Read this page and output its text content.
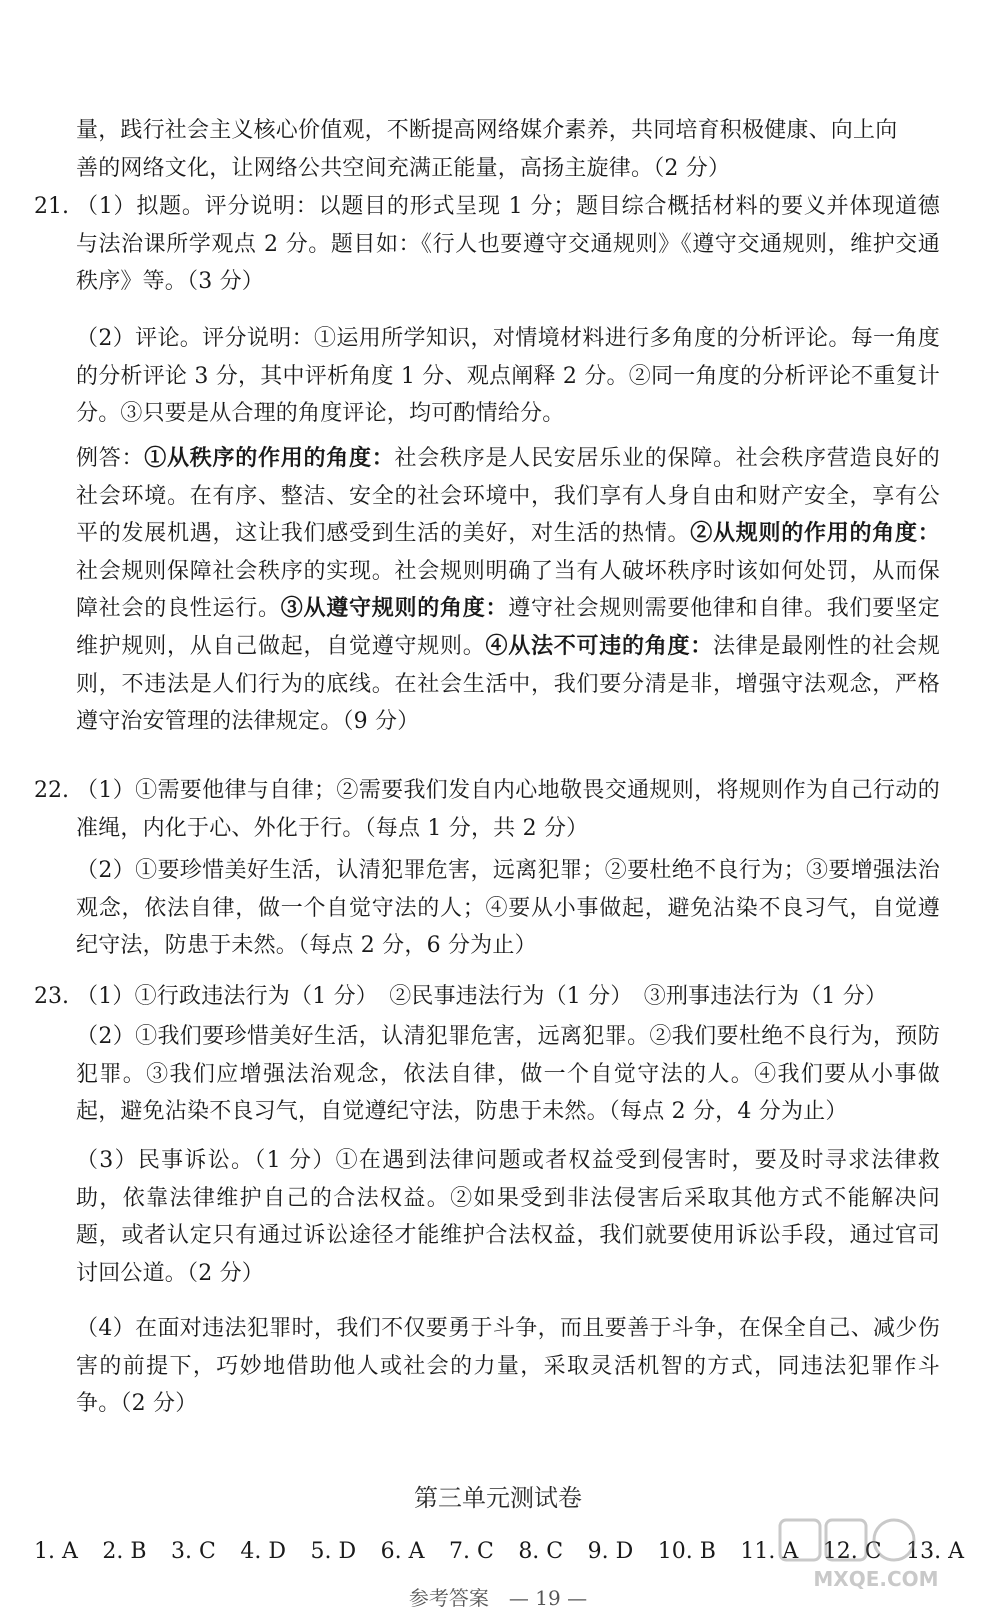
量，践行社会主义核心价值观，不断提高网络媒介素养，共同培育积极健康、向上向

善的网络文化，让网络公共空间充满正能量，高扬主旋律。（2 分）

21. （1）拟题。评分说明：以题目的形式呈现 1 分；题目综合概括材料的要义并体现道德与法治课所学观点 2 分。题目如：《行人也要遵守交通规则》《遵守交通规则，维护交通秩序》等。（3 分）

（2）评论。评分说明：①运用所学知识，对情境材料进行多角度的分析评论。每一角度的分析评论 3 分，其中评析角度 1 分、观点阐释 2 分。②同一角度的分析评论不重复计分。③只要是从合理的角度评论，均可酌情给分。

例答：①从秩序的作用的角度：社会秩序是人民安居乐业的保障。社会秩序营造良好的社会环境。在有序、整洁、安全的社会环境中，我们享有人身自由和财产安全，享有公平的发展机遇，这让我们感受到生活的美好，对生活的热情。②从规则的作用的角度：社会规则保障社会秩序的实现。社会规则明确了当有人破坏秩序时该如何处罚，从而保障社会的良性运行。③从遵守规则的角度：遵守社会规则需要他律和自律。我们要坚定维护规则，从自己做起，自觉遵守规则。④从法不可违的角度：法律是最刚性的社会规则，不违法是人们行为的底线。在社会生活中，我们要分清是非，增强守法观念，严格遵守治安管理的法律规定。（9 分）

22. （1）①需要他律与自律；②需要我们发自内心地敬畏交通规则，将规则作为自己行动的准绳，内化于心、外化于行。（每点 1 分，共 2 分）

（2）①要珍惜美好生活，认清犯罪危害，远离犯罪；②要杜绝不良行为；③要增强法治观念，依法自律，做一个自觉守法的人；④要从小事做起，避免沾染不良习气，自觉遵纪守法，防患于未然。（每点 2 分，6 分为止）

23. （1）①行政违法行为（1 分）　②民事违法行为（1 分）　③刑事违法行为（1 分）

（2）①我们要珍惜美好生活，认清犯罪危害，远离犯罪。②我们要杜绝不良行为，预防犯罪。③我们应增强法治观念，依法自律，做一个自觉守法的人。④我们要从小事做起，避免沾染不良习气，自觉遵纪守法，防患于未然。（每点 2 分，4 分为止）

（3）民事诉讼。（1 分）①在遇到法律问题或者权益受到侵害时，要及时寻求法律救助，依靠法律维护自己的合法权益。②如果受到非法侵害后采取其他方式不能解决问题，或者认定只有通过诉讼途径才能维护合法权益，我们就要使用诉讼手段，通过官司讨回公道。（2 分）

（4）在面对违法犯罪时，我们不仅要勇于斗争，而且要善于斗争，在保全自己、减少伤害的前提下，巧妙地借助他人或社会的力量，采取灵活机智的方式，同违法犯罪作斗争。（2 分）

第三单元测试卷
1. A 2. B 3. C 4. D 5. D 6. A 7. C 8. C 9. D 10. B 11. A 12. C 13. A

参考答案　— 19 —

MXQE.COM
